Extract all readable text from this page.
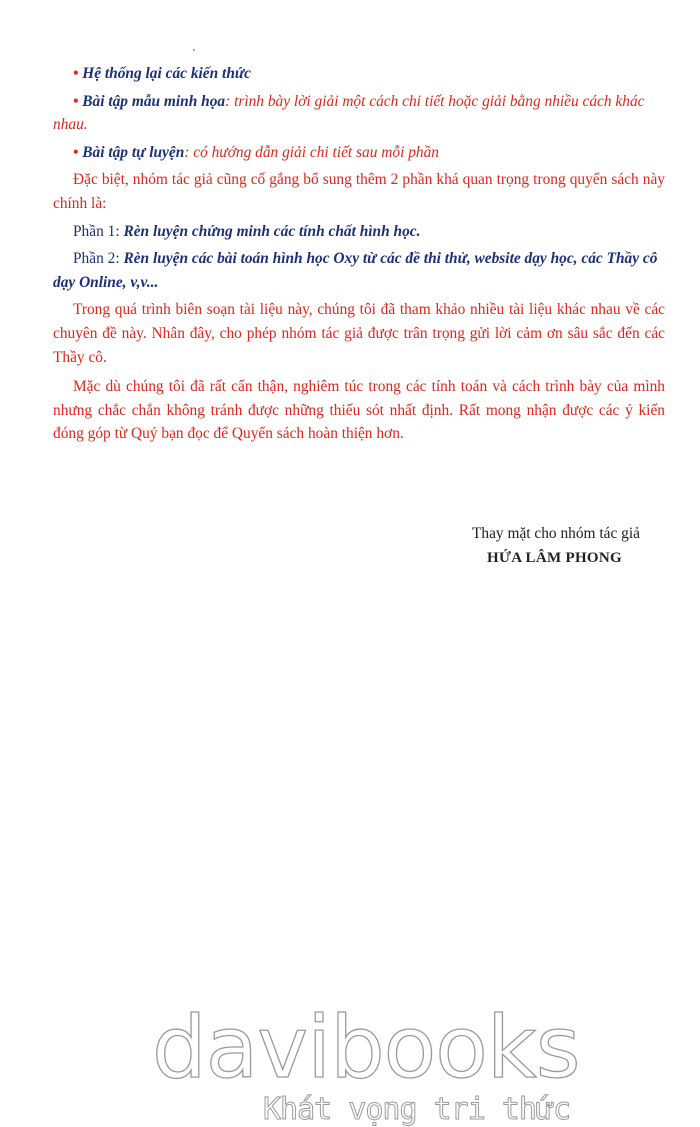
• Hệ thống lại các kiến thức
• Bài tập mẫu minh họa: trình bày lời giải một cách chi tiết hoặc giải bằng nhiều cách khác nhau.
• Bài tập tự luyện: có hướng dẫn giải chi tiết sau mỗi phần

Đặc biệt, nhóm tác giả cũng cố gắng bổ sung thêm 2 phần khá quan trọng trong quyển sách này chính là:

Phần 1: Rèn luyện chứng minh các tính chất hình học.
Phần 2: Rèn luyện các bài toán hình học Oxy từ các đề thi thử, website dạy học, các Thầy cô dạy Online, v,v...

Trong quá trình biên soạn tài liệu này, chúng tôi đã tham khảo nhiều tài liệu khác nhau về các chuyên đề này. Nhân đây, cho phép nhóm tác giả được trân trọng gửi lời cảm ơn sâu sắc đến các Thầy cô.

Mặc dù chúng tôi đã rất cẩn thận, nghiêm túc trong các tính toán và cách trình bày của mình nhưng chắc chắn không tránh được những thiếu sót nhất định. Rất mong nhận được các ý kiến đóng góp từ Quý bạn đọc để Quyển sách hoàn thiện hơn.

Thay mặt cho nhóm tác giả
HỨA LÂM PHONG
davibooks
Khát vọng tri thức
